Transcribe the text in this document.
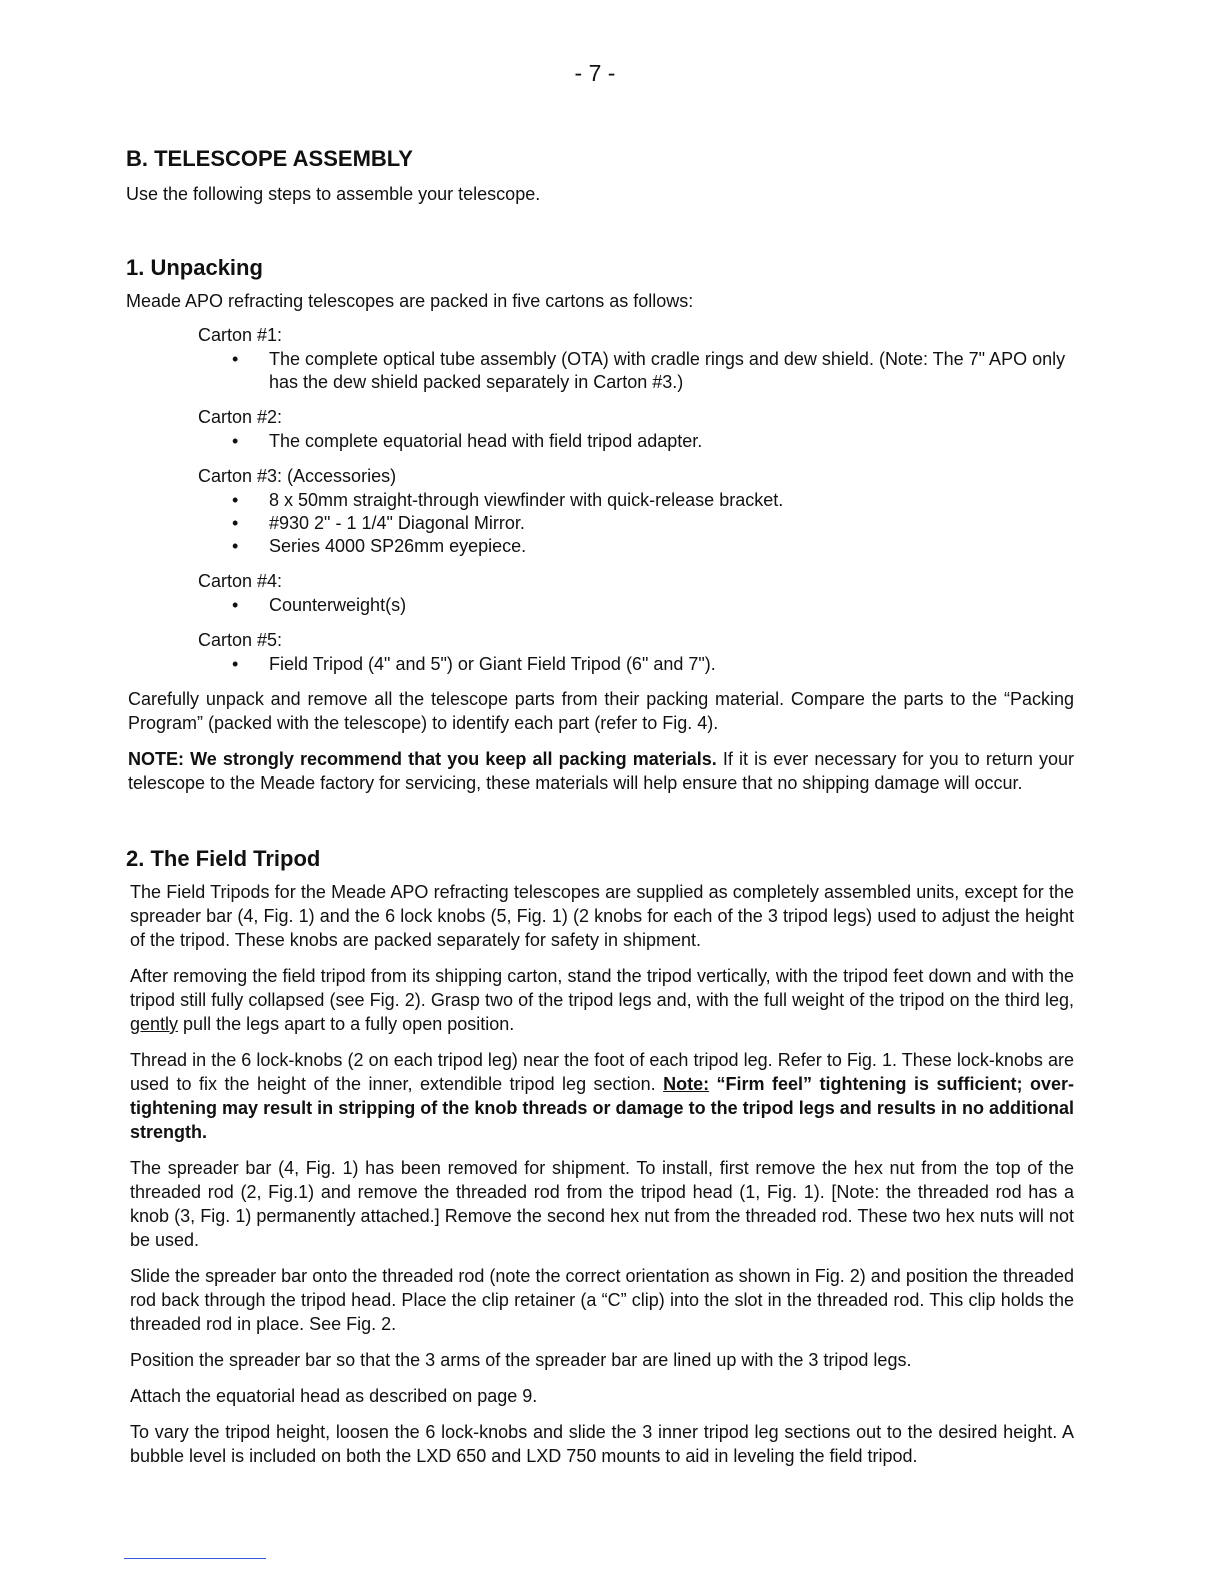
- 7 -
B. TELESCOPE ASSEMBLY

Use the following steps to assemble your telescope.

1. Unpacking

Meade APO refracting telescopes are packed in five cartons as follows:

Carton #1:
• The complete optical tube assembly (OTA) with cradle rings and dew shield. (Note: The 7" APO only has the dew shield packed separately in Carton #3.)
Carton #2:
• The complete equatorial head with field tripod adapter.
Carton #3: (Accessories)
• 8 x 50mm straight-through viewfinder with quick-release bracket.
• #930 2" - 1 1/4" Diagonal Mirror.
• Series 4000 SP26mm eyepiece.
Carton #4:
• Counterweight(s)
Carton #5:
• Field Tripod (4" and 5") or Giant Field Tripod (6" and 7").

Carefully unpack and remove all the telescope parts from their packing material. Compare the parts to the “Packing Program” (packed with the telescope) to identify each part (refer to Fig. 4).

NOTE: We strongly recommend that you keep all packing materials. If it is ever necessary for you to return your telescope to the Meade factory for servicing, these materials will help ensure that no shipping damage will occur.

2. The Field Tripod

The Field Tripods for the Meade APO refracting telescopes are supplied as completely assembled units, except for the spreader bar (4, Fig. 1) and the 6 lock knobs (5, Fig. 1) (2 knobs for each of the 3 tripod legs) used to adjust the height of the tripod. These knobs are packed separately for safety in shipment.

After removing the field tripod from its shipping carton, stand the tripod vertically, with the tripod feet down and with the tripod still fully collapsed (see Fig. 2). Grasp two of the tripod legs and, with the full weight of the tripod on the third leg, gently pull the legs apart to a fully open position.

Thread in the 6 lock-knobs (2 on each tripod leg) near the foot of each tripod leg. Refer to Fig. 1. These lock-knobs are used to fix the height of the inner, extendible tripod leg section. Note: “Firm feel” tightening is sufficient; over-tightening may result in stripping of the knob threads or damage to the tripod legs and results in no additional strength.

The spreader bar (4, Fig. 1) has been removed for shipment. To install, first remove the hex nut from the top of the threaded rod (2, Fig.1) and remove the threaded rod from the tripod head (1, Fig. 1). [Note: the threaded rod has a knob (3, Fig. 1) permanently attached.] Remove the second hex nut from the threaded rod. These two hex nuts will not be used.

Slide the spreader bar onto the threaded rod (note the correct orientation as shown in Fig. 2) and position the threaded rod back through the tripod head. Place the clip retainer (a “C” clip) into the slot in the threaded rod. This clip holds the threaded rod in place. See Fig. 2.

Position the spreader bar so that the 3 arms of the spreader bar are lined up with the 3 tripod legs.

Attach the equatorial head as described on page 9.

To vary the tripod height, loosen the 6 lock-knobs and slide the 3 inner tripod leg sections out to the desired height. A bubble level is included on both the LXD 650 and LXD 750 mounts to aid in leveling the field tripod.
